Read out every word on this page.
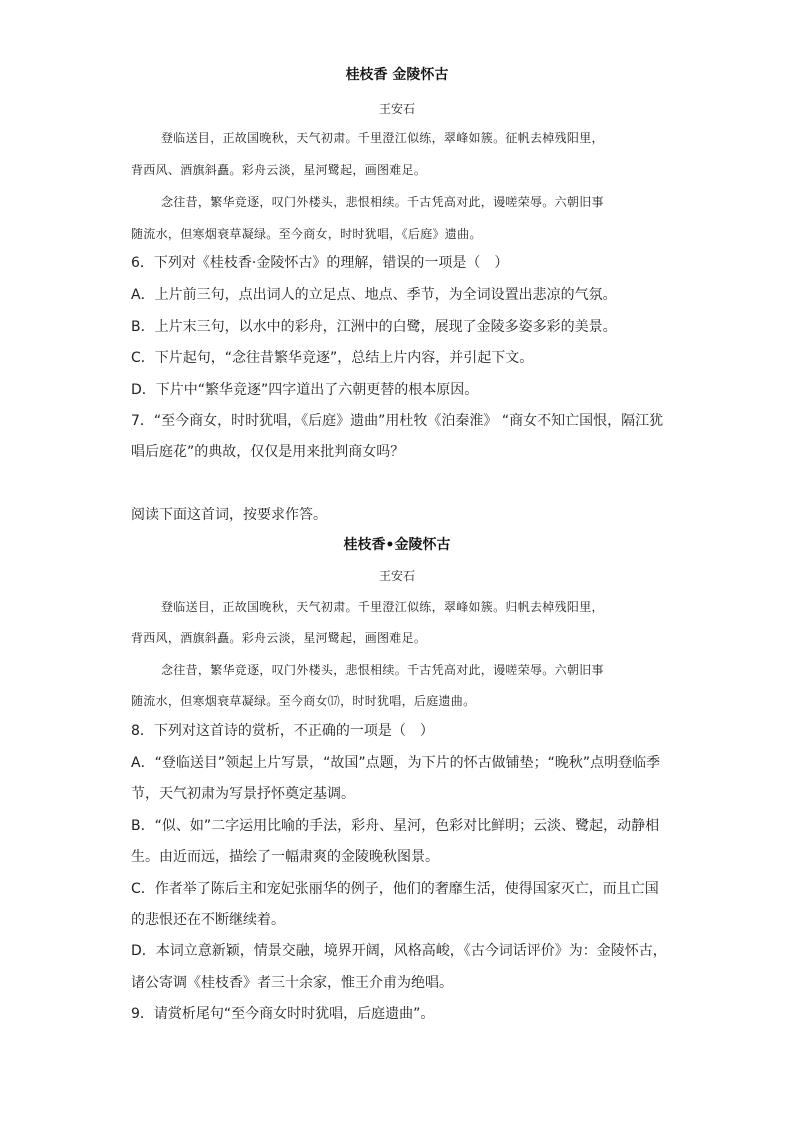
桂枝香 金陵怀古
王安石
登临送目，正故国晚秋，天气初肃。千里澄江似练，翠峰如簇。征帆去棹残阳里，
背西风、酒旗斜矗。彩舟云淡，星河鹭起，画图难足。
念往昔，繁华竞逐，叹门外楼头，悲恨相续。千古凭高对此，谩嗟荣辱。六朝旧事
随流水，但寒烟衰草凝绿。至今商女，时时犹唱，《后庭》遗曲。
6．下列对《桂枝香·金陵怀古》的理解，错误的一项是（　）
A．上片前三句，点出词人的立足点、地点、季节，为全词设置出悲凉的气氛。
B．上片末三句，以水中的彩舟，江洲中的白鹭，展现了金陵多姿多彩的美景。
C．下片起句，“念往昔繁华竞逐”，总结上片内容，并引起下文。
D．下片中“繁华竞逐”四字道出了六朝更替的根本原因。
7．“至今商女，时时犹唱，《后庭》遗曲”用杜牧《泊秦淮》 “商女不知亡国恨，隔江犹
唱后庭花”的典故，仅仅是用来批判商女吗？
阅读下面这首词，按要求作答。
桂枝香•金陵怀古
王安石
登临送目，正故国晚秋，天气初肃。千里澄江似练，翠峰如簇。归帆去棹残阳里，
背西风，酒旗斜矗。彩舟云淡，星河鹭起，画图难足。
念往昔，繁华竞逐，叹门外楼头，悲恨相续。千古凭高对此，谩嗟荣辱。六朝旧事
随流水，但寒烟衰草凝绿。至今商女⒄，时时犹唱，后庭遗曲。
8．下列对这首诗的赏析，不正确的一项是（　）
A．“登临送目”领起上片写景，“故国”点题，为下片的怀古做铺垫；“晚秋”点明登临季
节，天气初肃为写景抒怀奠定基调。
B．“似、如”二字运用比喻的手法，彩舟、星河，色彩对比鲜明；云淡、鹭起，动静相
生。由近而远，描绘了一幅肃爽的金陵晚秋图景。
C．作者举了陈后主和宠妃张丽华的例子，他们的奢靡生活，使得国家灭亡，而且亡国
的悲恨还在不断继续着。
D．本词立意新颖，情景交融，境界开阔，风格高峻，《古今词话评价》为：金陵怀古，
诸公寄调《桂枝香》者三十余家，惟王介甫为绝唱。
9．请赏析尾句“至今商女时时犹唱，后庭遗曲”。
